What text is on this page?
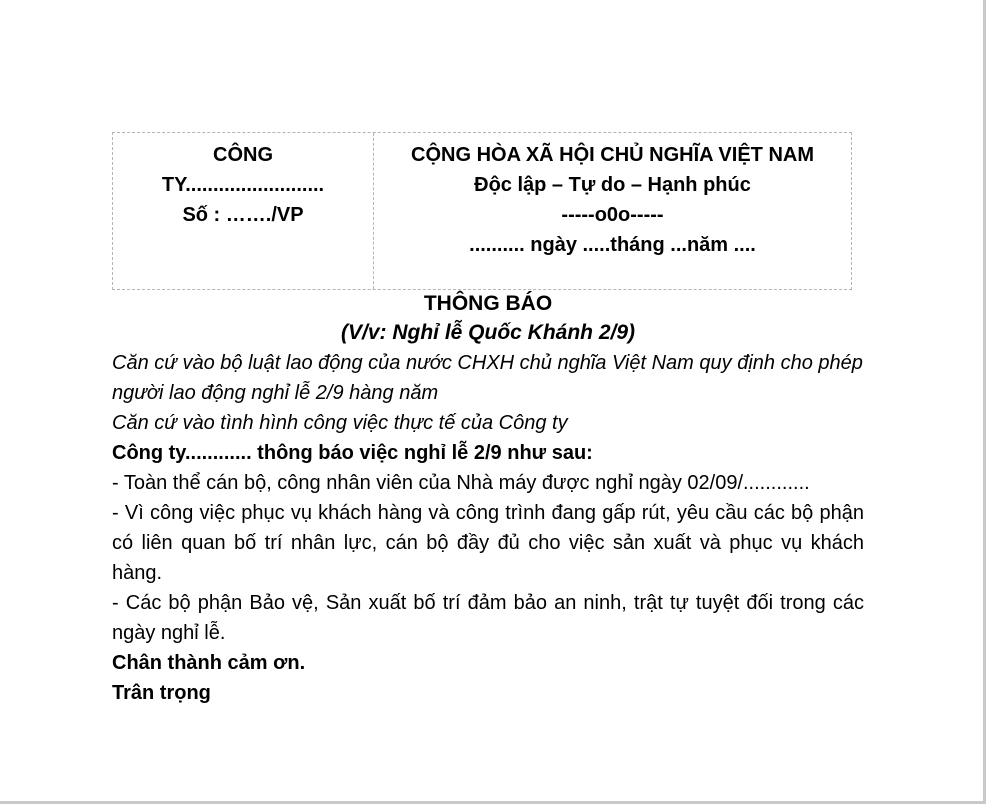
CÔNG
TY.........................
Số : ……./VP
CỘNG HÒA XÃ HỘI CHỦ NGHĨA VIỆT NAM
Độc lập – Tự do – Hạnh phúc
-----o0o-----
.......... ngày .....tháng ...năm ....
THÔNG BÁO
(V/v: Nghỉ lễ Quốc Khánh 2/9)

Căn cứ vào bộ luật lao động của nước CHXH chủ nghĩa Việt Nam quy định cho phép người lao động nghỉ lễ 2/9 hàng năm

Căn cứ vào tình hình công việc thực tế của Công ty

Công ty............ thông báo việc nghỉ lễ 2/9 như sau:

- Toàn thể cán bộ, công nhân viên của Nhà máy được nghỉ ngày 02/09/............

- Vì công việc phục vụ khách hàng và công trình đang gấp rút, yêu cầu các bộ phận có liên quan bố trí nhân lực, cán bộ đầy đủ cho việc sản xuất và phục vụ khách hàng.

- Các bộ phận Bảo vệ, Sản xuất bố trí đảm bảo an ninh, trật tự tuyệt đối trong các ngày nghỉ lễ.

Chân thành cảm ơn.

Trân trọng
